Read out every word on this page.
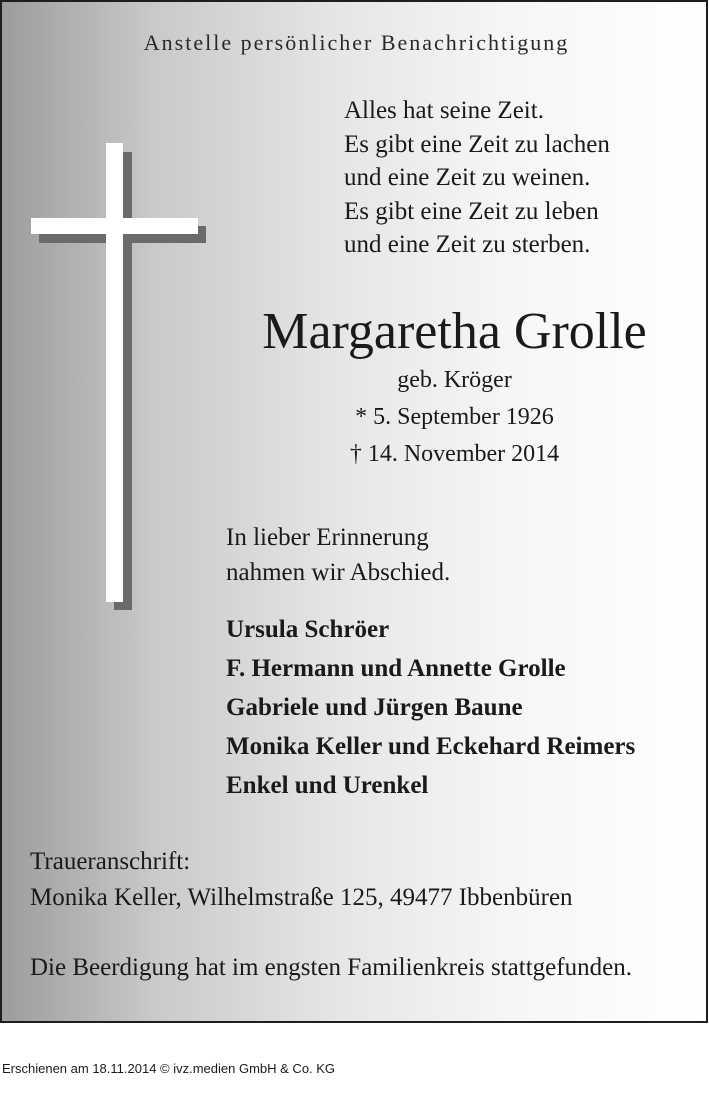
Anstelle persönlicher Benachrichtigung
Alles hat seine Zeit.
Es gibt eine Zeit zu lachen
und eine Zeit zu weinen.
Es gibt eine Zeit zu leben
und eine Zeit zu sterben.
Margaretha Grolle
geb. Kröger
* 5. September 1926
† 14. November 2014
In lieber Erinnerung
nahmen wir Abschied.
Ursula Schröer
F. Hermann und Annette Grolle
Gabriele und Jürgen Baune
Monika Keller und Eckehard Reimers
Enkel und Urenkel
Traueranschrift:
Monika Keller, Wilhelmstraße 125, 49477 Ibbenbüren
Die Beerdigung hat im engsten Familienkreis stattgefunden.
Erschienen am 18.11.2014 © ivz.medien GmbH & Co. KG
